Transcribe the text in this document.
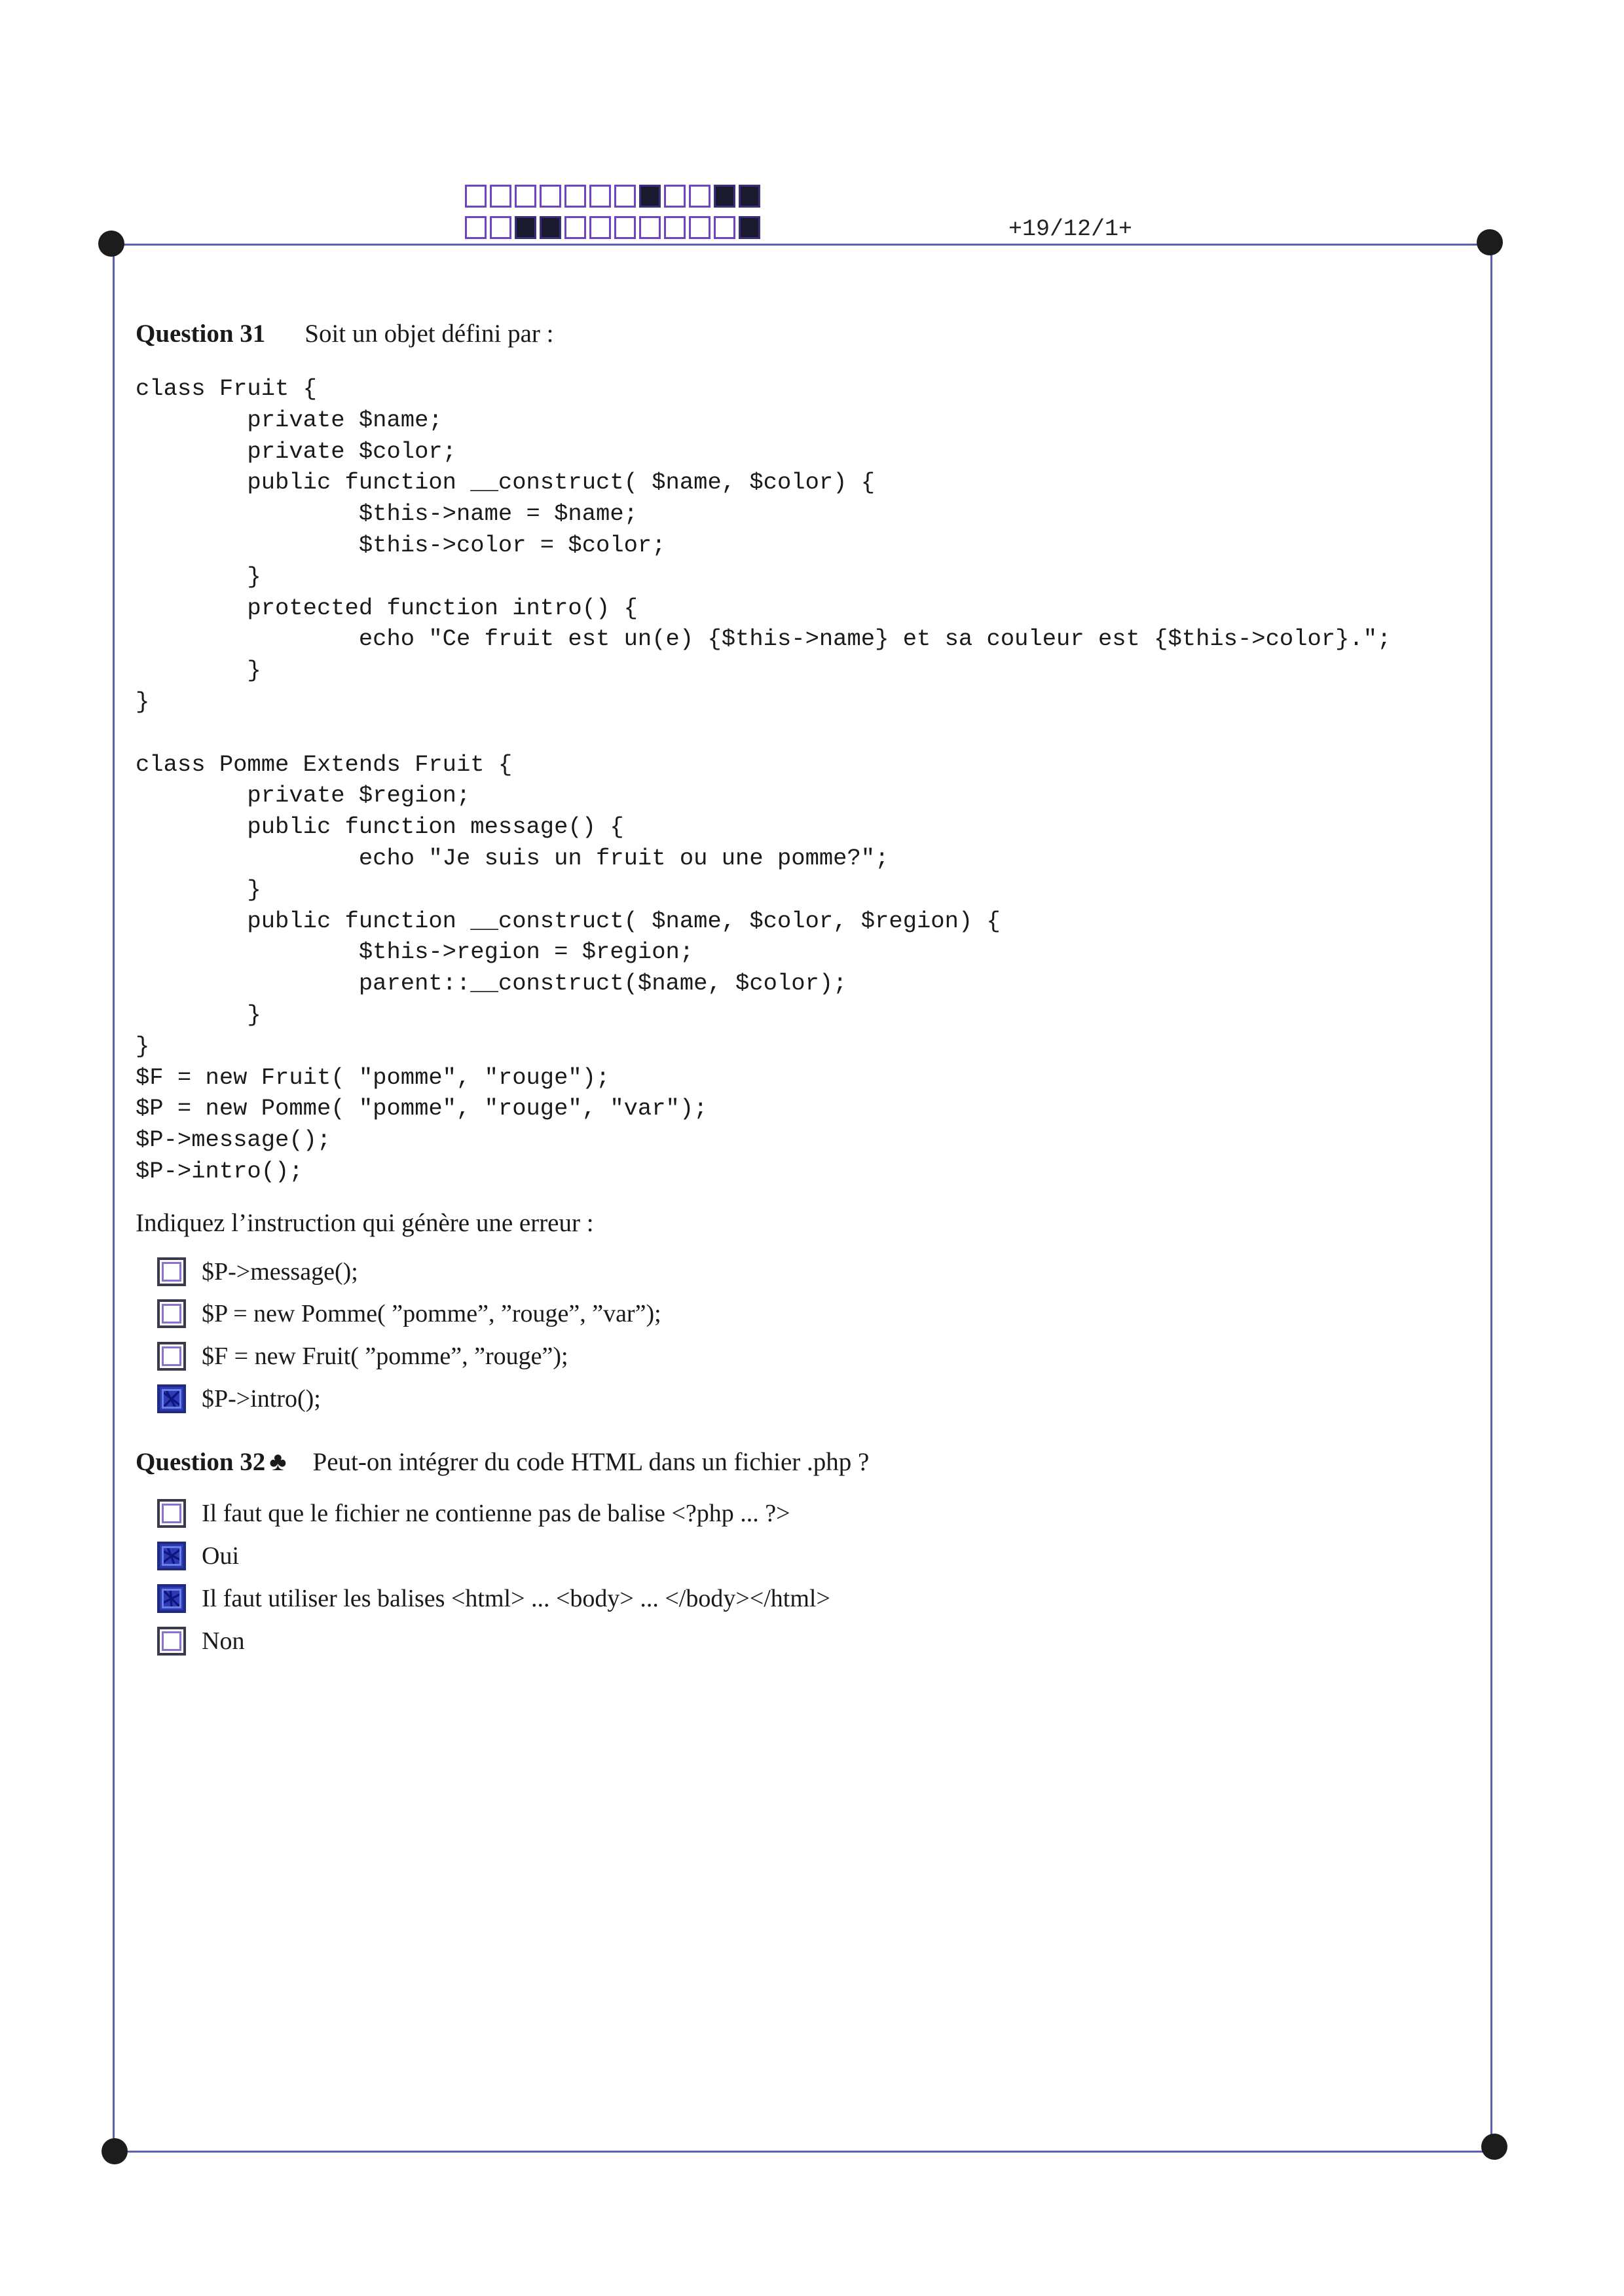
+19/12/1+
Question 31 Soit un objet défini par :
class Fruit {
private $name;
private $color;
public function __construct( $name, $color) {
$this->name = $name;
$this->color = $color;
}
protected function intro() {
echo "Ce fruit est un(e) {$this->name} et sa couleur est {$this->color}.";
}
}

class Pomme Extends Fruit {
private $region;
public function message() {
echo "Je suis un fruit ou une pomme?";
}
public function __construct( $name, $color, $region) {
$this->region = $region;
parent::__construct($name, $color);
}
}
$F = new Fruit( "pomme", "rouge");
$P = new Pomme( "pomme", "rouge", "var");
$P->message();
$P->intro();
Indiquez l’instruction qui génère une erreur :
$P->message();
$P = new Pomme( ”pomme”, ”rouge”, ”var”);
$F = new Fruit( ”pomme”, ”rouge”);
$P->intro();
Question 32 ♣ Peut-on intégrer du code HTML dans un fichier .php ?
Il faut que le fichier ne contienne pas de balise <?php ... ?>
Oui
Il faut utiliser les balises <html> ... <body> ... </body></html>
Non
